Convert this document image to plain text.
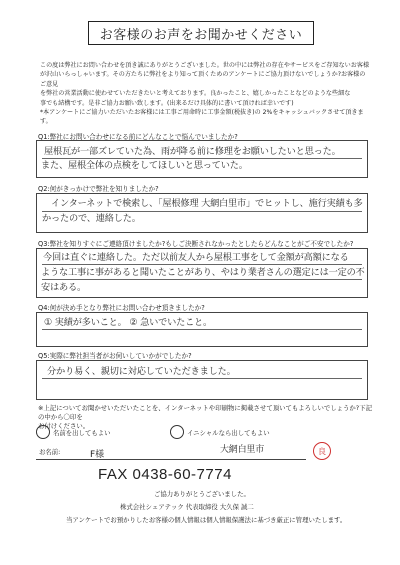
お客様のお声をお聞かせください

この度は弊社にお問い合わせを頂き誠にありがとうございました。世の中には弊社の存在やサービスをご存知ないお客様

が沢山いらっしゃいます。その方たちに弊社をより知って頂くためのアンケートにご協力頂けないでしょうか?お客様のご意見

を弊社の営業活動に使わせていただきたいと考えております。良かったこと、嬉しかったことなどのような些細な

事でも結構です。是非ご協力お願い致します。(出来るだけ具体的に書いて頂ければ幸いです)

*本アンケートにご協力いただいたお客様には工事ご用命時に工事金額(税抜き)の 2%をキャッシュバックさせて頂きます。

Q1:弊社にお問い合わせになる前にどんなことで悩んでいましたか?
屋根瓦が一部ズレていた為、雨が降る前に修理をお願いしたいと思った。
また、屋根全体の点検をしてほしいと思っていた。
Q2:何がきっかけで弊社を知りましたか?
インターネットで検索し、「屋根修理 大網白里市」でヒットし、施行実績も多
かったので、連絡した。
Q3:弊社を知りすぐにご連絡頂けましたか?もしご決断されなかったとしたらどんなことがご不安でしたか?
今回は直ぐに連絡した。ただ以前友人から屋根工事をして金額が高額になる
ような工事に事があると聞いたことがあり、やはり業者さんの選定には一定の不
安はある。
Q4:何が決め手となり弊社にお問い合わせ頂きましたか?
① 実績が多いこと。 ② 急いでいたこと。
Q5:実際に弊社担当者がお伺いしていかがでしたか?
分かり易く、親切に対応していただきました。
※上記についてお聞かせいただいたことを、インターネットや印刷物に掲載させて頂いてもよろしいでしょうか?下記の中から〇印を
お付けください。
名前を出してもよい	イニシャルなら出してもよい
お名前:	F様	大網白里市	良
FAX 0438-60-7774
ご協力ありがとうございました。
株式会社シェアテック 代表取締役 大久保 誠二
当アンケートでお預かりしたお客様の個人情報は個人情報保護法に基づき厳正に管理いたします。
